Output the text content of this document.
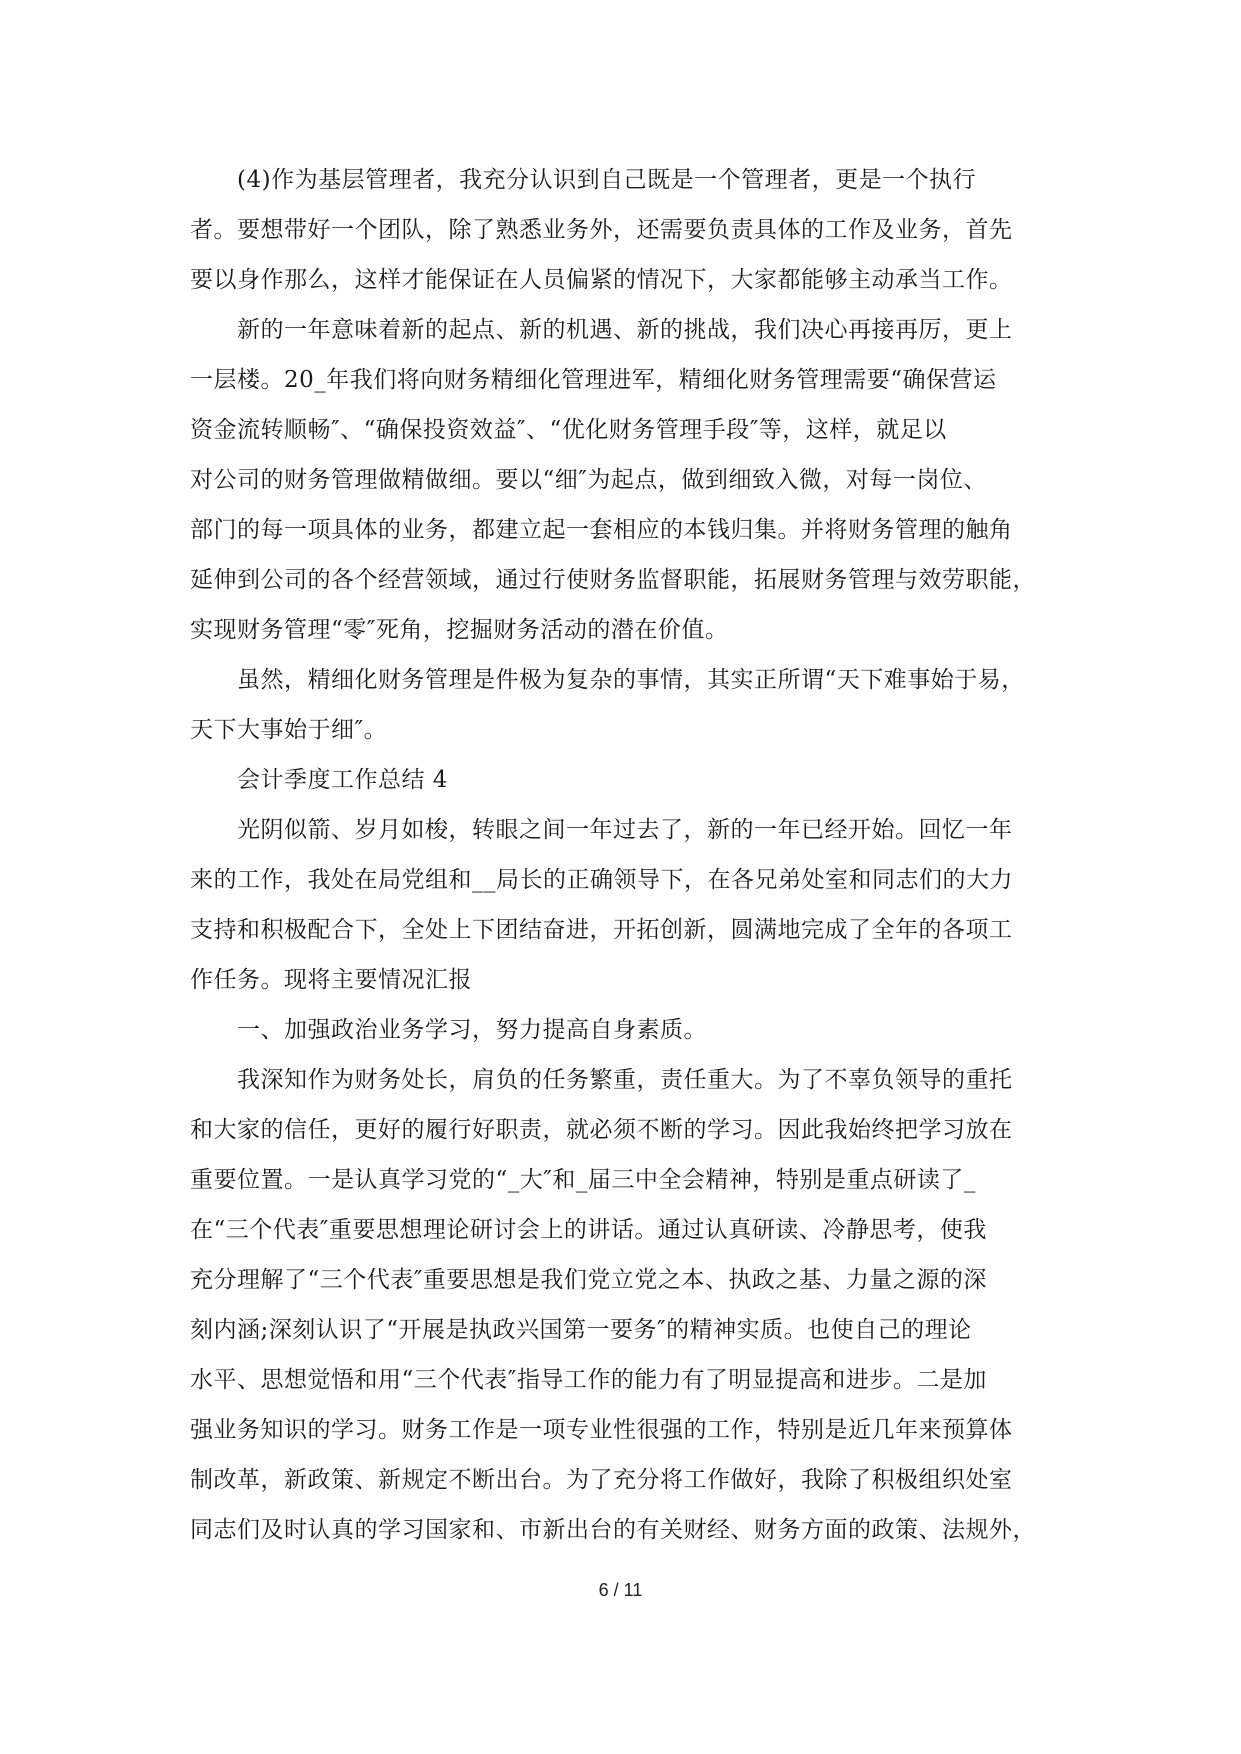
(4)作为基层管理者，我充分认识到自己既是一个管理者，更是一个执行
者。要想带好一个团队，除了熟悉业务外，还需要负责具体的工作及业务，首先
要以身作那么，这样才能保证在人员偏紧的情况下，大家都能够主动承当工作。
新的一年意味着新的起点、新的机遇、新的挑战，我们决心再接再厉，更上
一层楼。20_年我们将向财务精细化管理进军，精细化财务管理需要“确保营运
资金流转顺畅″、“确保投资效益″、“优化财务管理手段″等，这样，就足以
对公司的财务管理做精做细。要以“细″为起点，做到细致入微，对每一岗位、
部门的每一项具体的业务，都建立起一套相应的本钱归集。并将财务管理的触角
延伸到公司的各个经营领域，通过行使财务监督职能，拓展财务管理与效劳职能，
实现财务管理“零″死角，挖掘财务活动的潜在价值。
虽然，精细化财务管理是件极为复杂的事情，其实正所谓“天下难事始于易，
天下大事始于细″。
会计季度工作总结 4
光阴似箭、岁月如梭，转眼之间一年过去了，新的一年已经开始。回忆一年
来的工作，我处在局党组和__局长的正确领导下，在各兄弟处室和同志们的大力
支持和积极配合下，全处上下团结奋进，开拓创新，圆满地完成了全年的各项工
作任务。现将主要情况汇报
一、加强政治业务学习，努力提高自身素质。
我深知作为财务处长，肩负的任务繁重，责任重大。为了不辜负领导的重托
和大家的信任，更好的履行好职责，就必须不断的学习。因此我始终把学习放在
重要位置。一是认真学习党的“_大″和_届三中全会精神，特别是重点研读了_
在“三个代表″重要思想理论研讨会上的讲话。通过认真研读、冷静思考，使我
充分理解了“三个代表″重要思想是我们党立党之本、执政之基、力量之源的深
刻内涵;深刻认识了“开展是执政兴国第一要务″的精神实质。也使自己的理论
水平、思想觉悟和用“三个代表″指导工作的能力有了明显提高和进步。二是加
强业务知识的学习。财务工作是一项专业性很强的工作，特别是近几年来预算体
制改革，新政策、新规定不断出台。为了充分将工作做好，我除了积极组织处室
同志们及时认真的学习国家和、市新出台的有关财经、财务方面的政策、法规外，
6 / 11
